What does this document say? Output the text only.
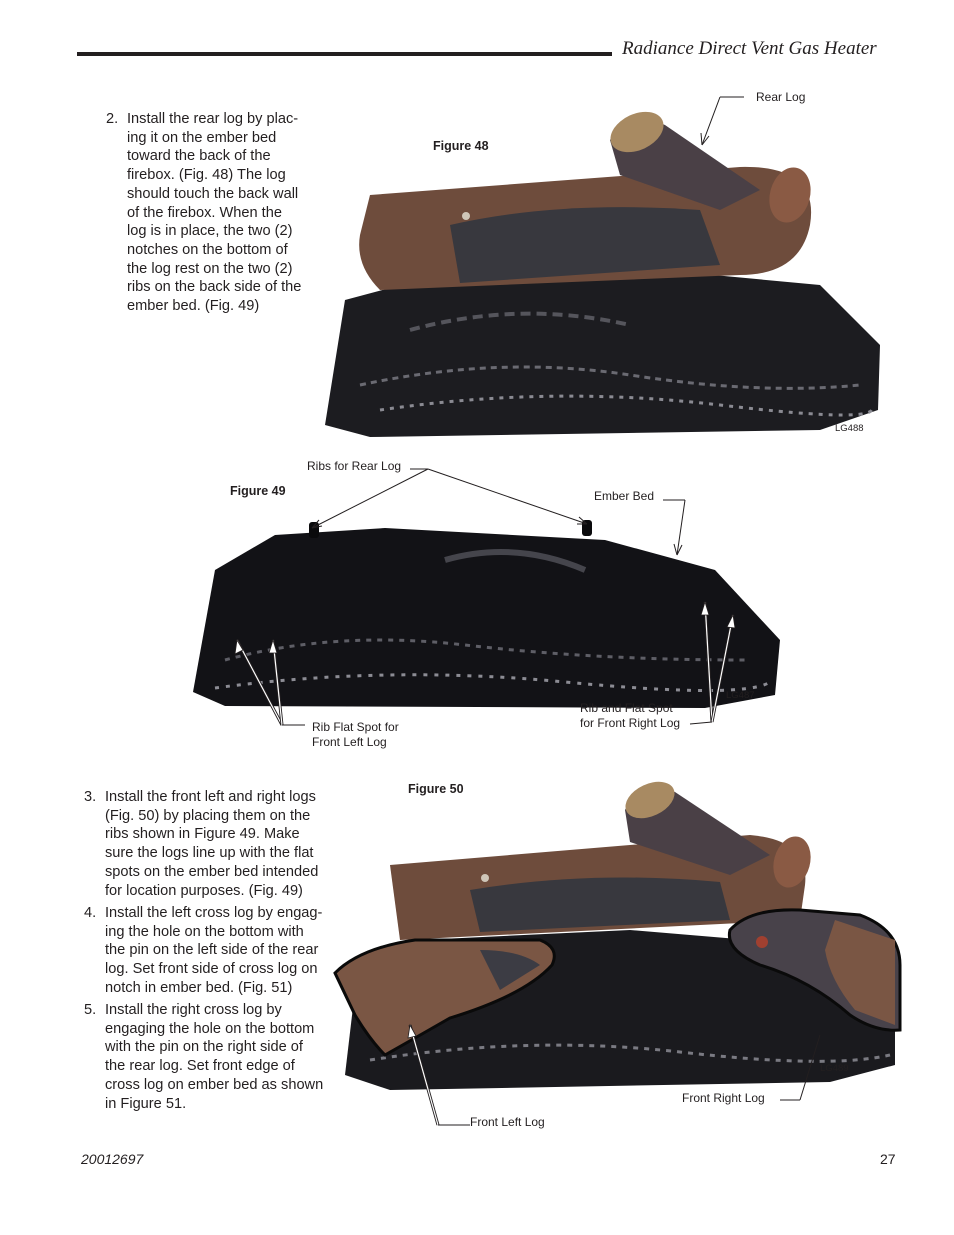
Radiance Direct Vent Gas Heater
2. Install the rear log by plac-
ing it on the ember bed
toward the back of the
firebox. (Fig. 48) The log
should touch the back wall
of the firebox. When the
log is in place, the two (2)
notches on the bottom of
the log rest on the two (2)
ribs on the back side of the
ember bed. (Fig. 49)
Figure 48
Rear Log
LG488
Ribs for Rear Log
Figure 49	Ember Bed
LG487
Rib Flat Spot for
Front Left Log
Rib and Flat Spot
for Front Right Log
3. Install the front left and right logs
(Fig. 50) by placing them on the
ribs shown in Figure 49. Make
sure the logs line up with the flat
spots on the ember bed intended
for location purposes. (Fig. 49)
4. Install the left cross log by engag-
ing the hole on the bottom with
the pin on the left side of the rear
log. Set front side of cross log on
notch in ember bed. (Fig. 51)
5. Install the right cross log by
engaging the hole on the bottom
with the pin on the right side of
the rear log. Set front edge of
cross log on ember bed as shown
in Figure 51.
Figure 50
LG489
Front Right Log
Front Left Log
20012697	27
